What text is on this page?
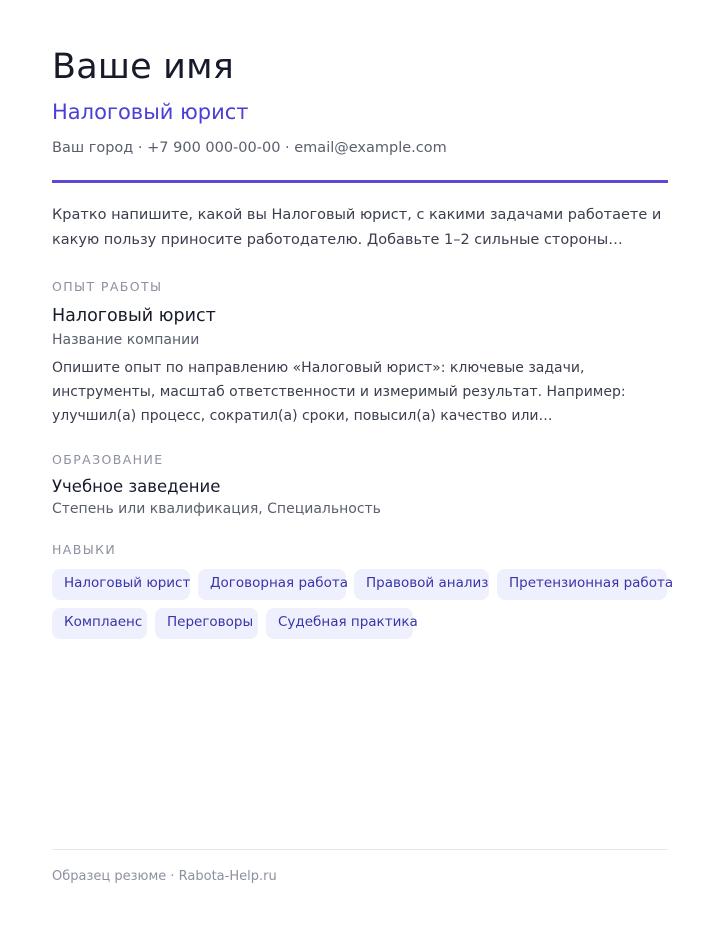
Ваше имя
Налоговый юрист
Ваш город · +7 900 000-00-00 · email@example.com
Кратко напишите, какой вы Налоговый юрист, с какими задачами работаете и какую пользу приносите работодателю. Добавьте 1–2 сильные стороны…
ОПЫТ РАБОТЫ
Налоговый юрист
Название компании
Опишите опыт по направлению «Налоговый юрист»: ключевые задачи, инструменты, масштаб ответственности и измеримый результат. Например: улучшил(а) процесс, сократил(а) сроки, повысил(а) качество или…
ОБРАЗОВАНИЕ
Учебное заведение
Степень или квалификация, Специальность
НАВЫКИ
Налоговый юрист	Договорная работа	Правовой анализ	Претензионная работа
Комплаенс	Переговоры	Судебная практика
Образец резюме · Rabota-Help.ru
